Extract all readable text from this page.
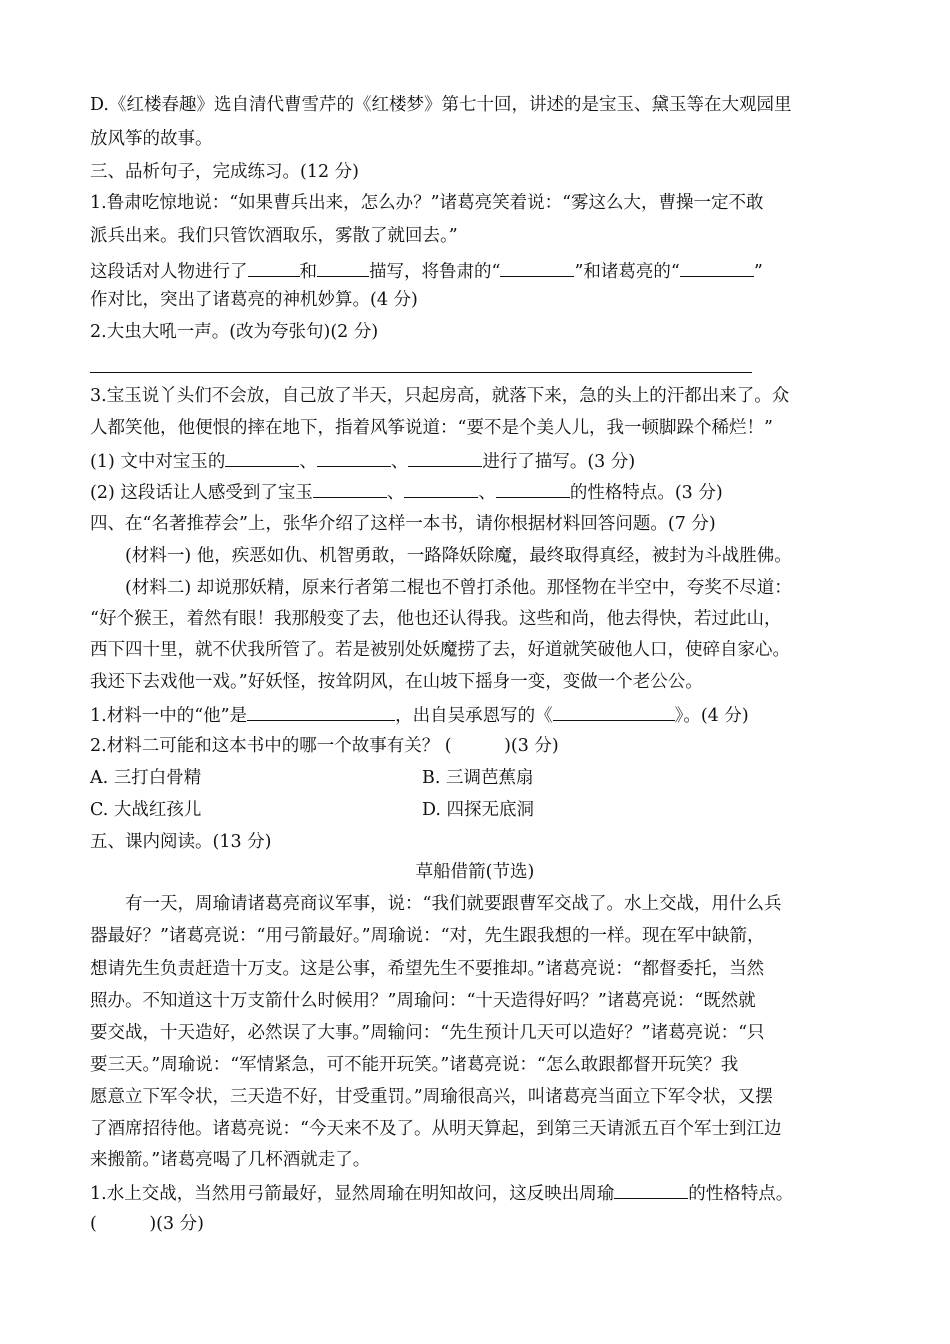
D.《红楼春趣》选自清代曹雪芹的《红楼梦》第七十回，讲述的是宝玉、黛玉等在大观园里
放风筝的故事。
三、品析句子，完成练习。(12 分)
1.鲁肃吃惊地说：“如果曹兵出来，怎么办？”诸葛亮笑着说：“雾这么大，曹操一定不敢
派兵出来。我们只管饮酒取乐，雾散了就回去。”
这段话对人物进行了	和	描写，将鲁肃的“	”和诸葛亮的“	”
作对比，突出了诸葛亮的神机妙算。(4 分)
2.大虫大吼一声。(改为夸张句)(2 分)
3.宝玉说丫头们不会放，自己放了半天，只起房高，就落下来，急的头上的汗都出来了。众
人都笑他，他便恨的摔在地下，指着风筝说道：“要不是个美人儿，我一顿脚跺个稀烂！”
(1) 文中对宝玉的	、	、	进行了描写。(3 分)
(2) 这段话让人感受到了宝玉	、	、	的性格特点。(3 分)
四、在“名著推荐会”上，张华介绍了这样一本书，请你根据材料回答问题。(7 分)
(材料一) 他，疾恶如仇、机智勇敢，一路降妖除魔，最终取得真经，被封为斗战胜佛。
(材料二) 却说那妖精，原来行者第二棍也不曾打杀他。那怪物在半空中，夸奖不尽道：
“好个猴王，着然有眼！我那般变了去，他也还认得我。这些和尚，他去得快，若过此山，
西下四十里，就不伏我所管了。若是被别处妖魔捞了去，好道就笑破他人口，使碎自家心。
我还下去戏他一戏。”好妖怪，按耸阴风，在山坡下摇身一变，变做一个老公公。
1.材料一中的“他”是	，出自吴承恩写的《	》。(4 分)
2.材料二可能和这本书中的哪一个故事有关？ (　　　)(3 分)
A. 三打白骨精	B. 三调芭蕉扇
C. 大战红孩儿	D. 四探无底洞
五、课内阅读。(13 分)
草船借箭(节选)
有一天，周瑜请诸葛亮商议军事，说：“我们就要跟曹军交战了。水上交战，用什么兵
器最好？”诸葛亮说：“用弓箭最好。”周瑜说：“对，先生跟我想的一样。现在军中缺箭，
想请先生负责赶造十万支。这是公事，希望先生不要推却。”诸葛亮说：“都督委托，当然
照办。不知道这十万支箭什么时候用？”周瑜问：“十天造得好吗？”诸葛亮说：“既然就
要交战，十天造好，必然误了大事。”周输问：“先生预计几天可以造好？”诸葛亮说：“只
要三天。”周瑜说：“军情紧急，可不能开玩笑。”诸葛亮说：“怎么敢跟都督开玩笑？我
愿意立下军令状，三天造不好，甘受重罚。”周瑜很高兴，叫诸葛亮当面立下军令状，又摆
了酒席招待他。诸葛亮说：“今天来不及了。从明天算起，到第三天请派五百个军士到江边
来搬箭。”诸葛亮喝了几杯酒就走了。
1.水上交战，当然用弓箭最好，显然周瑜在明知故问，这反映出周瑜	的性格特点。
(　　　)(3 分)
